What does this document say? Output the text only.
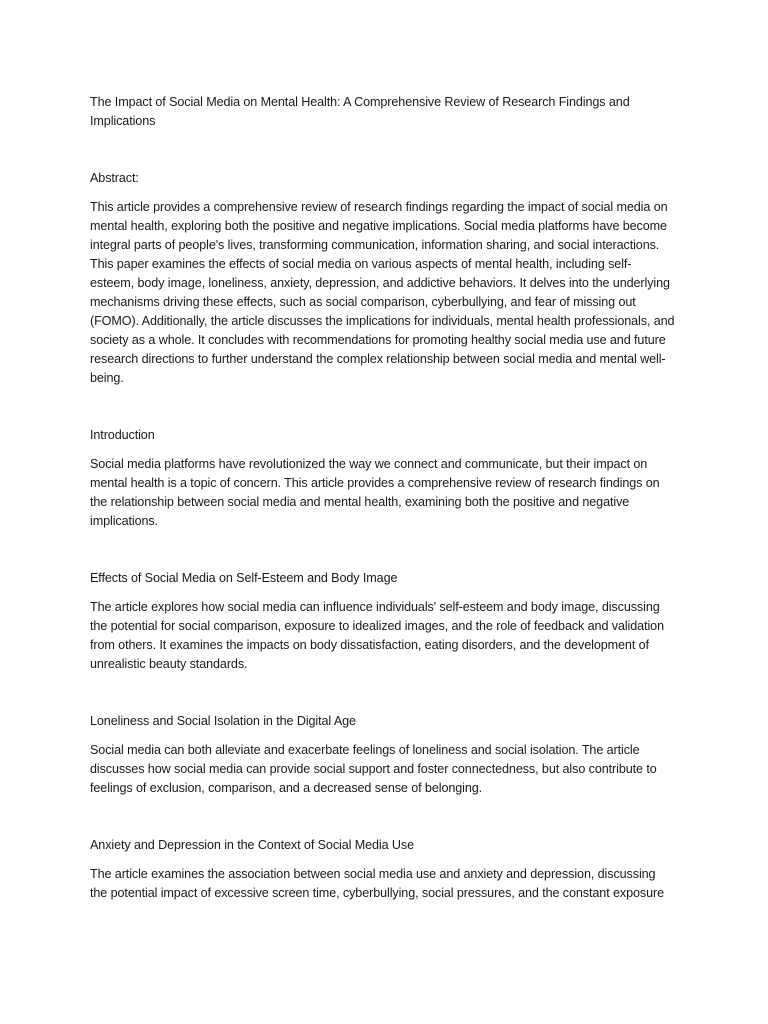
The Impact of Social Media on Mental Health: A Comprehensive Review of Research Findings and Implications

Abstract:

This article provides a comprehensive review of research findings regarding the impact of social media on mental health, exploring both the positive and negative implications. Social media platforms have become integral parts of people's lives, transforming communication, information sharing, and social interactions. This paper examines the effects of social media on various aspects of mental health, including self-esteem, body image, loneliness, anxiety, depression, and addictive behaviors. It delves into the underlying mechanisms driving these effects, such as social comparison, cyberbullying, and fear of missing out (FOMO). Additionally, the article discusses the implications for individuals, mental health professionals, and society as a whole. It concludes with recommendations for promoting healthy social media use and future research directions to further understand the complex relationship between social media and mental well-being.

Introduction

Social media platforms have revolutionized the way we connect and communicate, but their impact on mental health is a topic of concern. This article provides a comprehensive review of research findings on the relationship between social media and mental health, examining both the positive and negative implications.

Effects of Social Media on Self-Esteem and Body Image

The article explores how social media can influence individuals' self-esteem and body image, discussing the potential for social comparison, exposure to idealized images, and the role of feedback and validation from others. It examines the impacts on body dissatisfaction, eating disorders, and the development of unrealistic beauty standards.

Loneliness and Social Isolation in the Digital Age

Social media can both alleviate and exacerbate feelings of loneliness and social isolation. The article discusses how social media can provide social support and foster connectedness, but also contribute to feelings of exclusion, comparison, and a decreased sense of belonging.

Anxiety and Depression in the Context of Social Media Use

The article examines the association between social media use and anxiety and depression, discussing the potential impact of excessive screen time, cyberbullying, social pressures, and the constant exposure
